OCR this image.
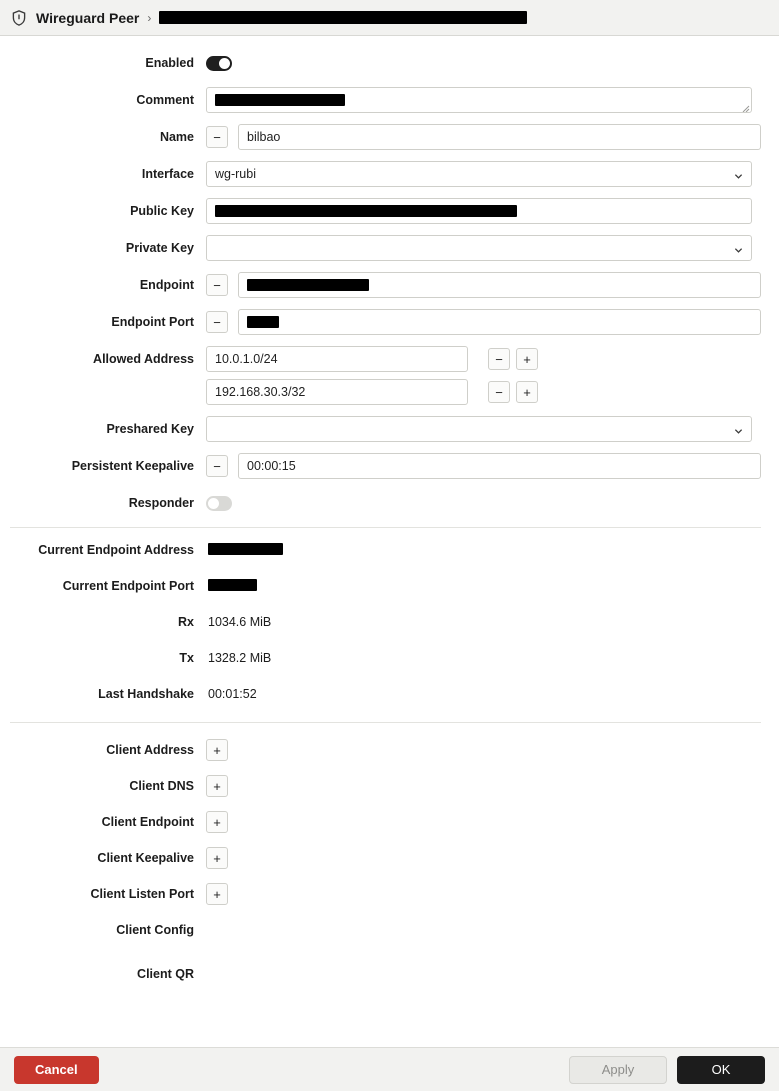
Wireguard Peer ›
Enabled
Comment
Name	−	bilbao
Interface	wg-rubi
Public Key
Private Key
Endpoint	−
Endpoint Port	−
Allowed Address	10.0.1.0/24	−	+
192.168.30.3/32	−	+
Preshared Key
Persistent Keepalive	−	00:00:15
Responder
Current Endpoint Address
Current Endpoint Port
Rx	1034.6 MiB
Tx	1328.2 MiB
Last Handshake	00:01:52
Client Address	+
Client DNS	+
Client Endpoint	+
Client Keepalive	+
Client Listen Port	+
Client Config
Client QR
Cancel	Apply	OK
